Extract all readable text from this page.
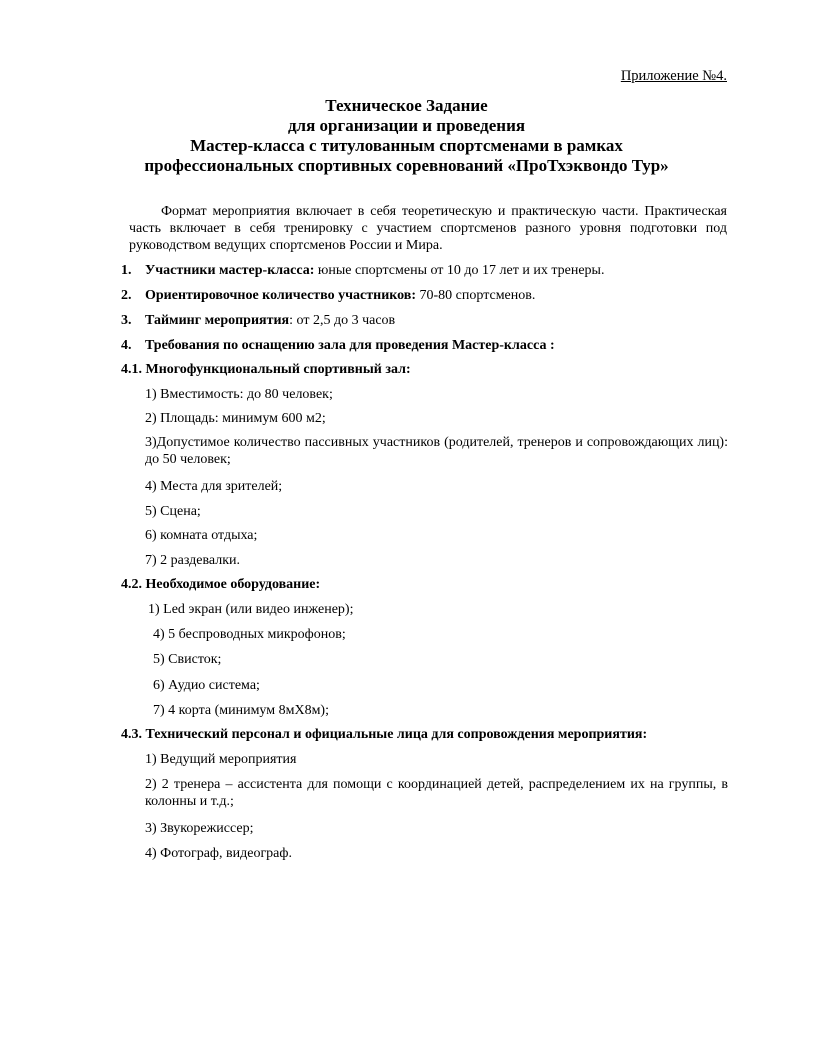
Приложение №4.
Техническое Задание
для организации и проведения
Мастер-класса с титулованным спортсменами в рамках
профессиональных спортивных соревнований «ПроТхэквондо Тур»
Формат мероприятия включает в себя теоретическую и практическую части. Практическая часть включает в себя тренировку с участием спортсменов разного уровня подготовки под руководством ведущих спортсменов России и Мира.
1. Участники мастер-класса: юные спортсмены от 10 до 17 лет и их тренеры.
2. Ориентировочное количество участников: 70-80 спортсменов.
3. Тайминг мероприятия: от 2,5 до 3 часов
4. Требования по оснащению зала для проведения Мастер-класса :
4.1. Многофункциональный спортивный зал:
1) Вместимость: до 80 человек;
2) Площадь: минимум 600 м2;
3)Допустимое количество пассивных участников (родителей, тренеров и сопровождающих лиц): до 50 человек;
4) Места для зрителей;
5) Сцена;
6) комната отдыха;
7) 2 раздевалки.
4.2. Необходимое оборудование:
1) Led экран (или видео инженер);
4) 5 беспроводных микрофонов;
5) Свисток;
6) Аудио система;
7) 4 корта (минимум 8мХ8м);
4.3. Технический персонал и официальные лица для сопровождения мероприятия:
1) Ведущий мероприятия
2) 2 тренера – ассистента для помощи с координацией детей, распределением их на группы, в колонны и т.д.;
3) Звукорежиссер;
4) Фотограф, видеограф.
